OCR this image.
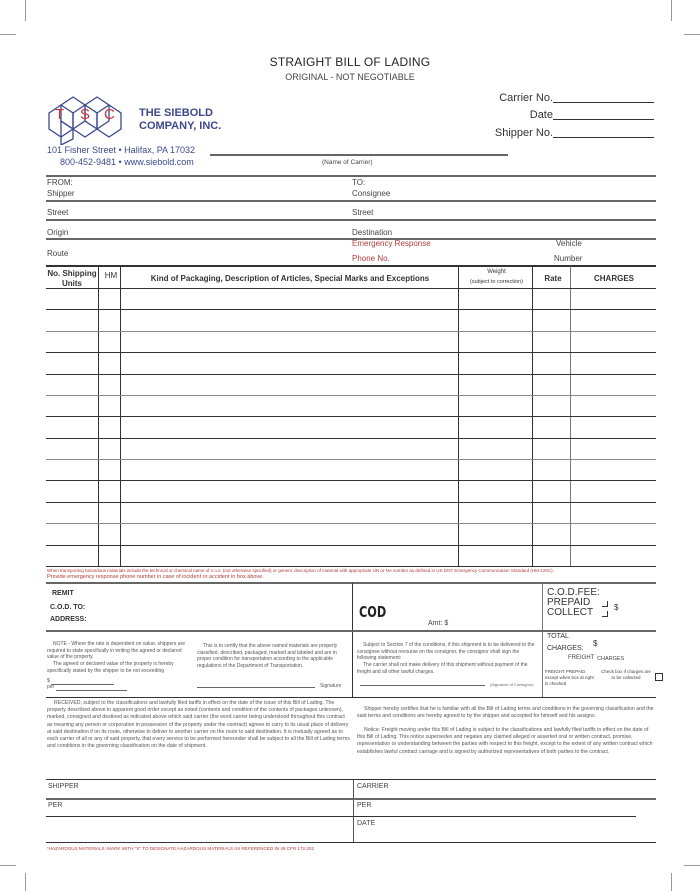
STRAIGHT BILL OF LADING
ORIGINAL - NOT NEGOTIABLE
T S C THE SIEBOLD
COMPANY, INC.
101 Fisher Street • Halifax, PA 17032
800-452-9481 • www.siebold.com
Carrier No.
Date
Shipper No.
(Name of Carrier)
FROM:
Shipper
TO:
Consignee
Street	Street
Origin	Destination
Route
Emergency Response
Phone No.
Vehicle
Number
No. Shipping Units
HM	Kind of Packaging, Description of Articles, Special Marks and Exceptions
Weight
(subject to correction)	Rate	CHARGES
When transporting hazardous materials include the technical or chemical name of n.o.s. (not otherwise specified) or generic description of material with appropriate UN or NA number as defined in US DOT Emergency Communication Standard (HM-126C).
Provide emergency response phone number in case of incident or accident in box above.
REMIT
C.O.D. TO:
ADDRESS:	COD
Amt: $
C.O.D.FEE:
PREPAID
COLLECT	$
NOTE - Where the rate is dependent on value, shippers are required to state specifically in writing the agreed or declared value of the property.
The agreed or declared value of the property is hereby specifically stated by the shipper to be not exceeding
$
per
This is to certify that the above named materials are properly classified, described, packaged, marked and labeled and are in proper condition for transportation according to the applicable regulations of the Department of Transportation.
Signature
Subject to Section 7 of the conditions, if this shipment is to be delivered to the consignee without recourse on the consignor, the consignor shall sign the following statement:
The carrier shall not make delivery of this shipment without payment of the freight and all other lawful charges.
(Signature of Consignor)
TOTAL
$
CHARGES:
FREIGHT CHARGES
FREIGHT PREPAID except when box at right is checked
Check box if charges are to be collected
RECEIVED, subject to the classifications and lawfully filed tariffs in effect on the date of the issue of this Bill of Lading. The property described above in apparent good order except as noted (contents and condition of the contents of packages unknown), marked, consigned and destined as indicated above which said carrier (the word carrier being understood throughout this contract as meaning any person or corporation in possession of the property under the contract) agrees to carry to its usual place of delivery at said destination if on its route, otherwise to deliver to another carrier on the route to said destination. It is mutually agreed as to each carrier of all or any of said property, that every service to be performed hereunder shall be subject to all the Bill of Lading terms and conditions in the governing classification on the date of shipment.
Shipper hereby certifies that he is familiar with all the Bill of Lading terms and conditions in the governing classification and the said terms and conditions are hereby agreed to by the shipper and accepted for himself and his assigns.
Notice: Freight moving under this Bill of Lading is subject to the classifications and lawfully filed tariffs in effect on the date of this Bill of Lading. This notice supersedes and negates any claimed alleged or asserted oral or written contract, promise, representation or understanding between the parties with respect to this freight, except to the extent of any written contract which establishes lawful contract carriage and is signed by authorized representatives of both parties to the contract.
SHIPPER	CARRIER
PER	PER
DATE
*HAZARDOUS MATERIALS: MARK WITH "X" TO DESIGNATE HAZARDOUS MATERIALS AS REFERENCED IN 49 CFR 172.202
